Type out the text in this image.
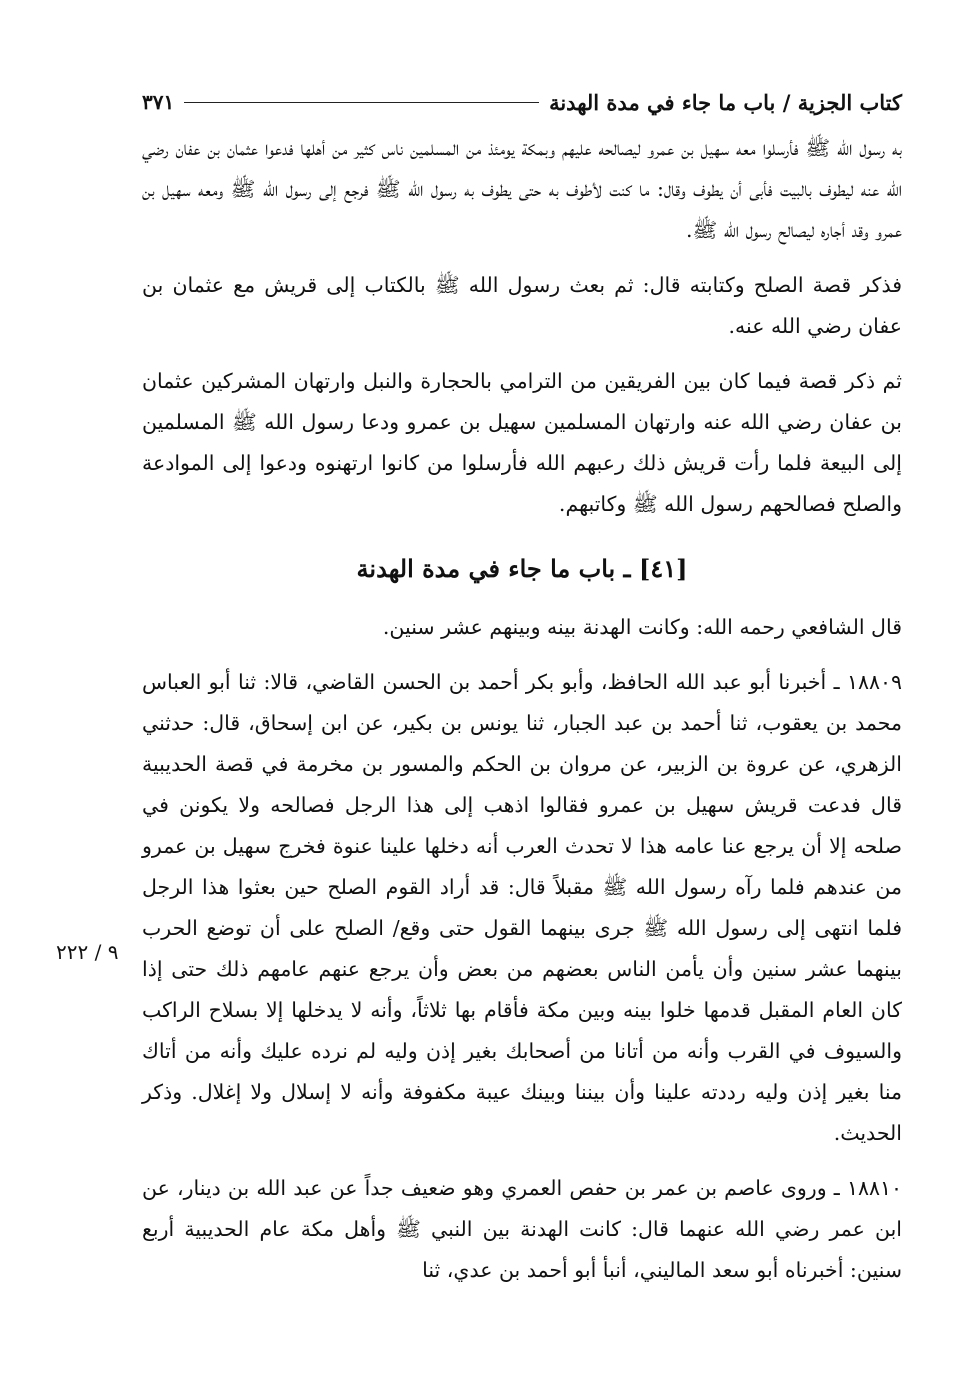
كتاب الجزية / باب ما جاء في مدة الهدنة
٣٧١

به رسول الله ﷺ فأرسلوا معه سهيل بن عمرو ليصالحه عليهم وبمكة يومئذ من المسلمين ناس كثير من أهلها فدعوا عثمان بن عفان رضي الله عنه ليطوف بالبيت فأبى أن يطوف وقال: ما كنت لأطوف به حتى يطوف به رسول الله ﷺ فرجع إلى رسول الله ﷺ ومعه سهيل بن عمرو وقد أجاره ليصالح رسول الله ﷺ.

فذكر قصة الصلح وكتابته قال: ثم بعث رسول الله ﷺ بالكتاب إلى قريش مع عثمان بن عفان رضي الله عنه.

ثم ذكر قصة فيما كان بين الفريقين من الترامي بالحجارة والنبل وارتهان المشركين عثمان بن عفان رضي الله عنه وارتهان المسلمين سهيل بن عمرو ودعا رسول الله ﷺ المسلمين إلى البيعة فلما رأت قريش ذلك رعبهم الله فأرسلوا من كانوا ارتهنوه ودعوا إلى الموادعة والصلح فصالحهم رسول الله ﷺ وكاتبهم.

[٤١] ـ باب ما جاء في مدة الهدنة

قال الشافعي رحمه الله: وكانت الهدنة بينه وبينهم عشر سنين.

١٨٨٠٩ ـ أخبرنا أبو عبد الله الحافظ، وأبو بكر أحمد بن الحسن القاضي، قالا: ثنا أبو العباس محمد بن يعقوب، ثنا أحمد بن عبد الجبار، ثنا يونس بن بكير، عن ابن إسحاق، قال: حدثني الزهري، عن عروة بن الزبير، عن مروان بن الحكم والمسور بن مخرمة في قصة الحديبية قال فدعت قريش سهيل بن عمرو فقالوا اذهب إلى هذا الرجل فصالحه ولا يكونن في صلحه إلا أن يرجع عنا عامه هذا لا تحدث العرب أنه دخلها علينا عنوة فخرج سهيل بن عمرو من عندهم فلما رآه رسول الله ﷺ مقبلاً قال: قد أراد القوم الصلح حين بعثوا هذا الرجل فلما انتهى إلى رسول الله ﷺ جرى بينهما القول حتى وقع/ الصلح على أن توضع الحرب بينهما عشر سنين وأن يأمن الناس بعضهم من بعض وأن يرجع عنهم عامهم ذلك حتى إذا كان العام المقبل قدمها خلوا بينه وبين مكة فأقام بها ثلاثاً، وأنه لا يدخلها إلا بسلاح الراكب والسيوف في القرب وأنه من أتانا من أصحابك بغير إذن وليه لم نرده عليك وأنه من أتاك منا بغير إذن وليه رددته علينا وأن بيننا وبينك عيبة مكفوفة وأنه لا إسلال ولا إغلال. وذكر الحديث.

١٨٨١٠ ـ وروى عاصم بن عمر بن حفص العمري وهو ضعيف جداً عن عبد الله بن دينار، عن ابن عمر رضي الله عنهما قال: كانت الهدنة بين النبي ﷺ وأهل مكة عام الحديبية أربع سنين: أخبرناه أبو سعد الماليني، أنبأ أبو أحمد بن عدي، ثنا

٩ / ٢٢٢
